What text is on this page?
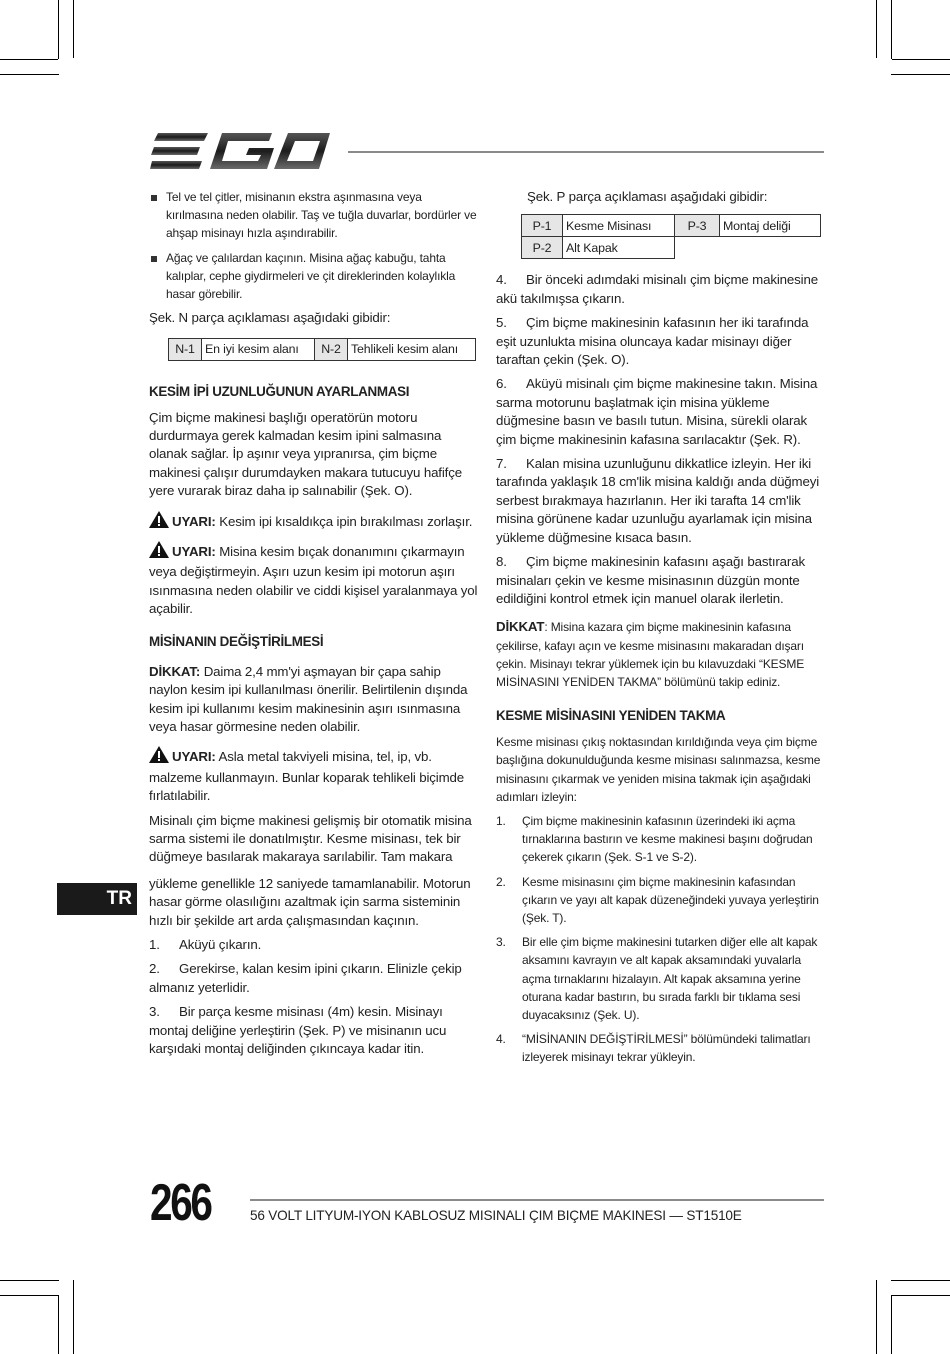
Tel ve tel çitler, misinanın ekstra aşınmasına veya kırılmasına neden olabilir. Taş ve tuğla duvarlar, bordürler ve ahşap misinayı hızla aşındırabilir.
Ağaç ve çalılardan kaçının. Misina ağaç kabuğu, tahta kalıplar, cephe giydirmeleri ve çit direklerinden kolaylıkla hasar görebilir.

Şek. N parça açıklaması aşağıdaki gibidir:

N-1	En iyi kesim alanı	N-2	Tehlikeli kesim alanı
KESİM İPİ UZUNLUĞUNUN AYARLANMASI

Çim biçme makinesi başlığı operatörün motoru durdurmaya gerek kalmadan kesim ipini salmasına olanak sağlar. İp aşınır veya yıpranırsa, çim biçme makinesi çalışır durumdayken makara tutucuyu hafifçe yere vurarak biraz daha ip salınabilir (Şek. O).

UYARI: Kesim ipi kısaldıkça ipin bırakılması zorlaşır.

UYARI: Misina kesim bıçak donanımını çıkarmayın veya değiştirmeyin. Aşırı uzun kesim ipi motorun aşırı ısınmasına neden olabilir ve ciddi kişisel yaralanmaya yol açabilir.

MİSİNANIN DEĞİŞTİRİLMESİ

DİKKAT: Daima 2,4 mm'yi aşmayan bir çapa sahip naylon kesim ipi kullanılması önerilir. Belirtilenin dışında kesim ipi kullanımı kesim makinesinin aşırı ısınmasına veya hasar görmesine neden olabilir.

UYARI: Asla metal takviyeli misina, tel, ip, vb. malzeme kullanmayın. Bunlar koparak tehlikeli biçimde fırlatılabilir.

Misinalı çim biçme makinesi gelişmiş bir otomatik misina sarma sistemi ile donatılmıştır. Kesme misinası, tek bir düğmeye basılarak makaraya sarılabilir. Tam makara

yükleme genellikle 12 saniyede tamamlanabilir. Motorun hasar görme olasılığını azaltmak için sarma sisteminin hızlı bir şekilde art arda çalışmasından kaçının.

1. Aküyü çıkarın.

2. Gerekirse, kalan kesim ipini çıkarın. Elinizle çekip almanız yeterlidir.

3. Bir parça kesme misinası (4m) kesin. Misinayı montaj deliğine yerleştirin (Şek. P) ve misinanın ucu karşıdaki montaj deliğinden çıkıncaya kadar itin.

Şek. P parça açıklaması aşağıdaki gibidir:

P-1	Kesme Misinası	P-3	Montaj deliği
P-2	Alt Kapak		

4. Bir önceki adımdaki misinalı çim biçme makinesine akü takılmışsa çıkarın.

5. Çim biçme makinesinin kafasının her iki tarafında eşit uzunlukta misina oluncaya kadar misinayı diğer taraftan çekin (Şek. O).

6. Aküyü misinalı çim biçme makinesine takın. Misina sarma motorunu başlatmak için misina yükleme düğmesine basın ve basılı tutun. Misina, sürekli olarak çim biçme makinesinin kafasına sarılacaktır (Şek. R).

7. Kalan misina uzunluğunu dikkatlice izleyin. Her iki tarafında yaklaşık 18 cm'lik misina kaldığı anda düğmeyi serbest bırakmaya hazırlanın. Her iki tarafta 14 cm'lik misina görünene kadar uzunluğu ayarlamak için misina yükleme düğmesine kısaca basın.

8. Çim biçme makinesinin kafasını aşağı bastırarak misinaları çekin ve kesme misinasının düzgün monte edildiğini kontrol etmek için manuel olarak ilerletin.

DİKKAT: Misina kazara çim biçme makinesinin kafasına çekilirse, kafayı açın ve kesme misinasını makaradan dışarı çekin. Misinayı tekrar yüklemek için bu kılavuzdaki “KESME MİSİNASINI YENİDEN TAKMA” bölümünü takip ediniz.

KESME MİSİNASINI YENİDEN TAKMA

Kesme misinası çıkış noktasından kırıldığında veya çim biçme başlığına dokunulduğunda kesme misinası salınmazsa, kesme misinasını çıkarmak ve yeniden misina takmak için aşağıdaki adımları izleyin:

1. Çim biçme makinesinin kafasının üzerindeki iki açma tırnaklarına bastırın ve kesme makinesi başını doğrudan çekerek çıkarın (Şek. S-1 ve S-2).
2. Kesme misinasını çim biçme makinesinin kafasından çıkarın ve yayı alt kapak düzeneğindeki yuvaya yerleştirin (Şek. T).
3. Bir elle çim biçme makinesini tutarken diğer elle alt kapak aksamını kavrayın ve alt kapak aksamındaki yuvalarla açma tırnaklarını hizalayın. Alt kapak aksamına yerine oturana kadar bastırın, bu sırada farklı bir tıklama sesi duyacaksınız (Şek. U).
4. “MİSİNANIN DEĞİŞTİRİLMESİ” bölümündeki talimatları izleyerek misinayı tekrar yükleyin.
TR
266	56 VOLT LITYUM-IYON KABLOSUZ MISINALI ÇIM BIÇME MAKINESI — ST1510E
